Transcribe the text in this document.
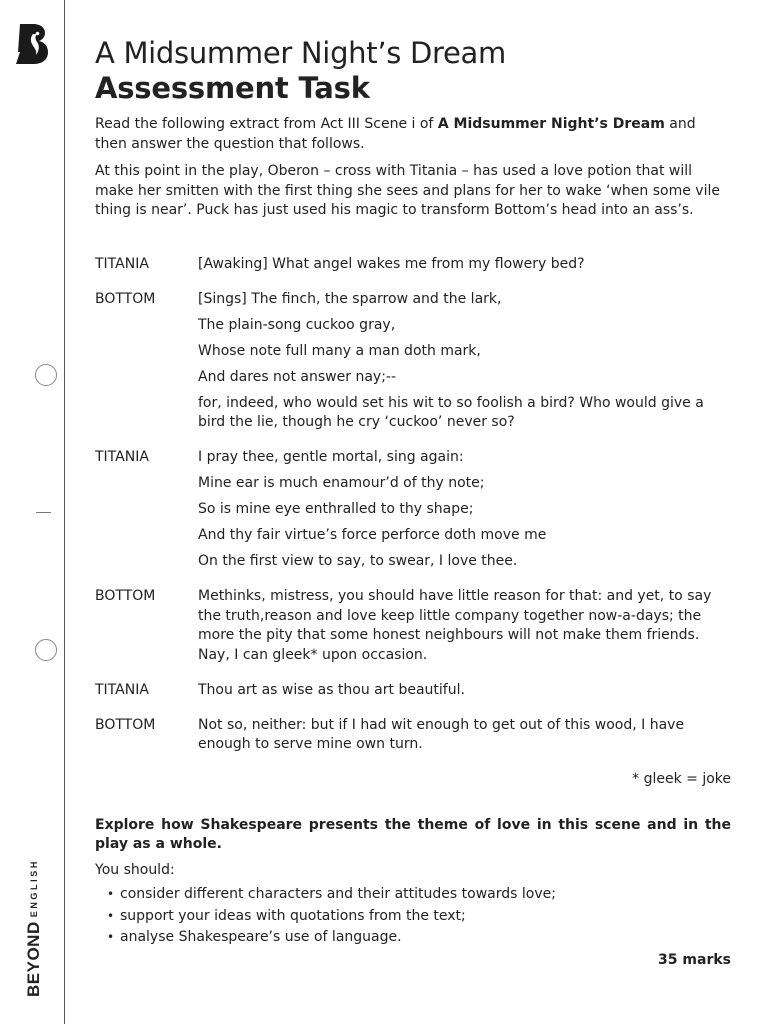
BEYONDENGLISH
A Midsummer Night’s Dream
Assessment Task

Read the following extract from Act III Scene i of A Midsummer Night’s Dream and then answer the question that follows.

At this point in the play, Oberon – cross with Titania – has used a love potion that will make her smitten with the first thing she sees and plans for her to wake ‘when some vile thing is near’. Puck has just used his magic to transform Bottom’s head into an ass’s.

TITANIA	[Awaking] What angel wakes me from my flowery bed?
BOTTOM	[Sings] The finch, the sparrow and the lark,
The plain-song cuckoo gray,
Whose note full many a man doth mark,
And dares not answer nay;--
for, indeed, who would set his wit to so foolish a bird? Who would give a bird the lie, though he cry ‘cuckoo’ never so?
TITANIA	I pray thee, gentle mortal, sing again:
Mine ear is much enamour’d of thy note;
So is mine eye enthralled to thy shape;
And thy fair virtue’s force perforce doth move me
On the first view to say, to swear, I love thee.
BOTTOM	Methinks, mistress, you should have little reason for that: and yet, to say the truth,reason and love keep little company together now-a-days; the more the pity that some honest neighbours will not make them friends. Nay, I can gleek* upon occasion.
TITANIA	Thou art as wise as thou art beautiful.
BOTTOM	Not so, neither: but if I had wit enough to get out of this wood, I have enough to serve mine own turn.

* gleek = joke

Explore how Shakespeare presents the theme of love in this scene and in the play as a whole.

You should:

• consider different characters and their attitudes towards love;
• support your ideas with quotations from the text;
• analyse Shakespeare’s use of language.

35 marks
